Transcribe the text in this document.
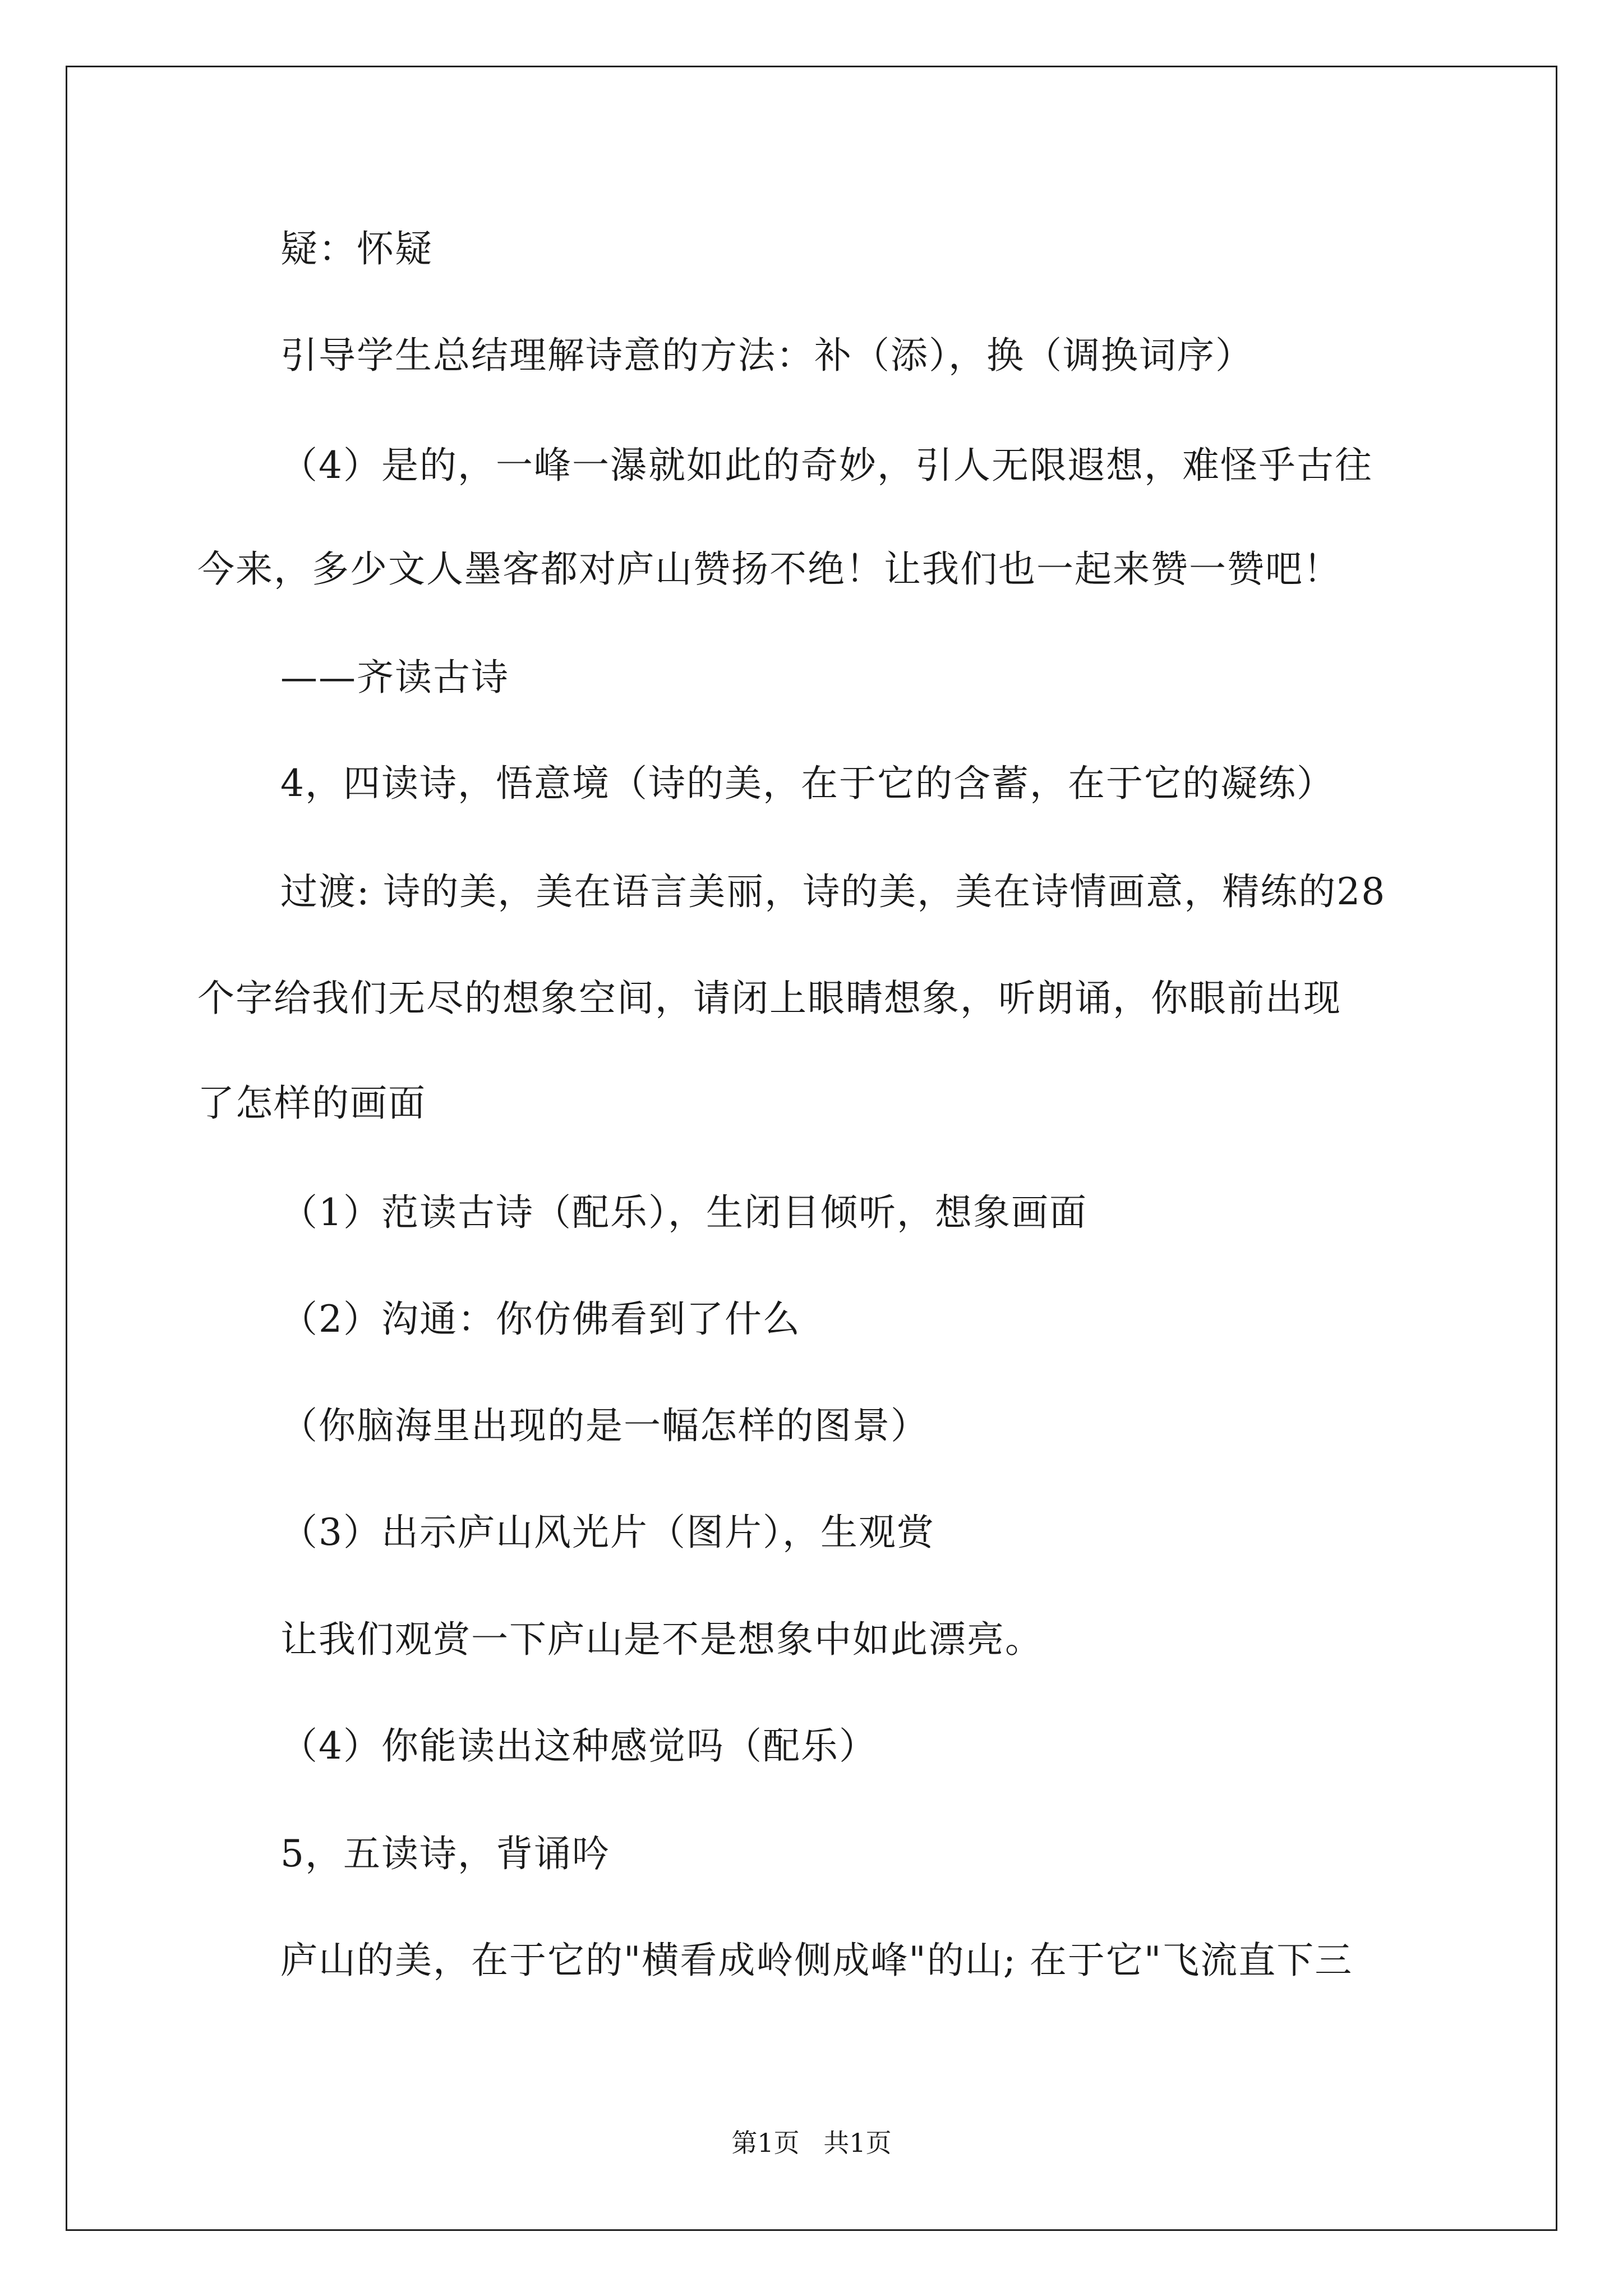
疑：怀疑
引导学生总结理解诗意的方法：补（添），换（调换词序）
（4）是的，一峰一瀑就如此的奇妙，引人无限遐想，难怪乎古往
今来，多少文人墨客都对庐山赞扬不绝！让我们也一起来赞一赞吧！
——齐读古诗
4，四读诗，悟意境（诗的美，在于它的含蓄，在于它的凝练）
过渡: 诗的美，美在语言美丽，诗的美，美在诗情画意，精练的28
个字给我们无尽的想象空间，请闭上眼睛想象，听朗诵，你眼前出现
了怎样的画面
（1）范读古诗（配乐），生闭目倾听，想象画面
（2）沟通：你仿佛看到了什么
（你脑海里出现的是一幅怎样的图景）
（3）出示庐山风光片（图片），生观赏
让我们观赏一下庐山是不是想象中如此漂亮。
（4）你能读出这种感觉吗（配乐）
5，五读诗，背诵吟
庐山的美，在于它的"横看成岭侧成峰"的山; 在于它"飞流直下三
第1页 共1页
